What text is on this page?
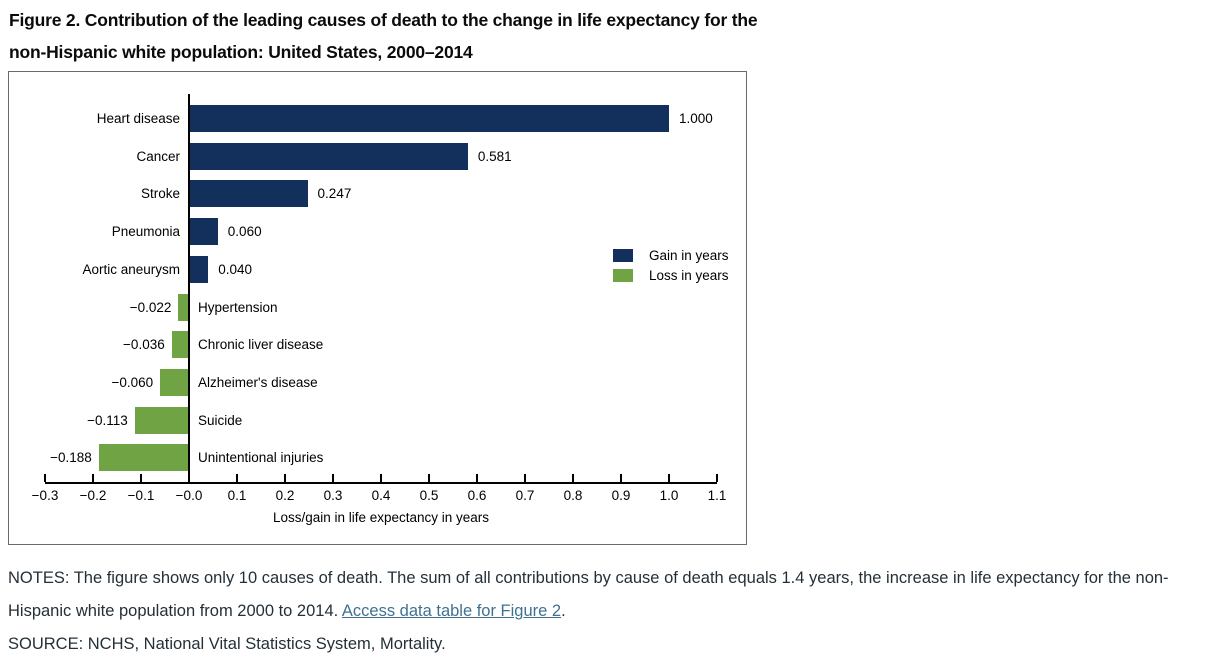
Figure 2. Contribution of the leading causes of death to the change in life expectancy for the
non-Hispanic white population: United States, 2000–2014
Heart disease	1.000
Cancer	0.581
Stroke	0.247
Pneumonia	0.060
Aortic aneurysm	0.040
Hypertension
−0.022
Chronic liver disease
−0.036
Alzheimer's disease
−0.060
Suicide
−0.113
Unintentional injuries
−0.188
−0.3	−0.2	−0.1	−0.0	0.1	0.2	0.3	0.4	0.5	0.6	0.7	0.8	0.9	1.0	1.1
Loss/gain in life expectancy in years
Gain in years
Loss in years

NOTES: The figure shows only 10 causes of death. The sum of all contributions by cause of death equals 1.4 years, the increase in life expectancy for the non-Hispanic white population from 2000 to 2014. Access data table for Figure 2.

SOURCE: NCHS, National Vital Statistics System, Mortality.
